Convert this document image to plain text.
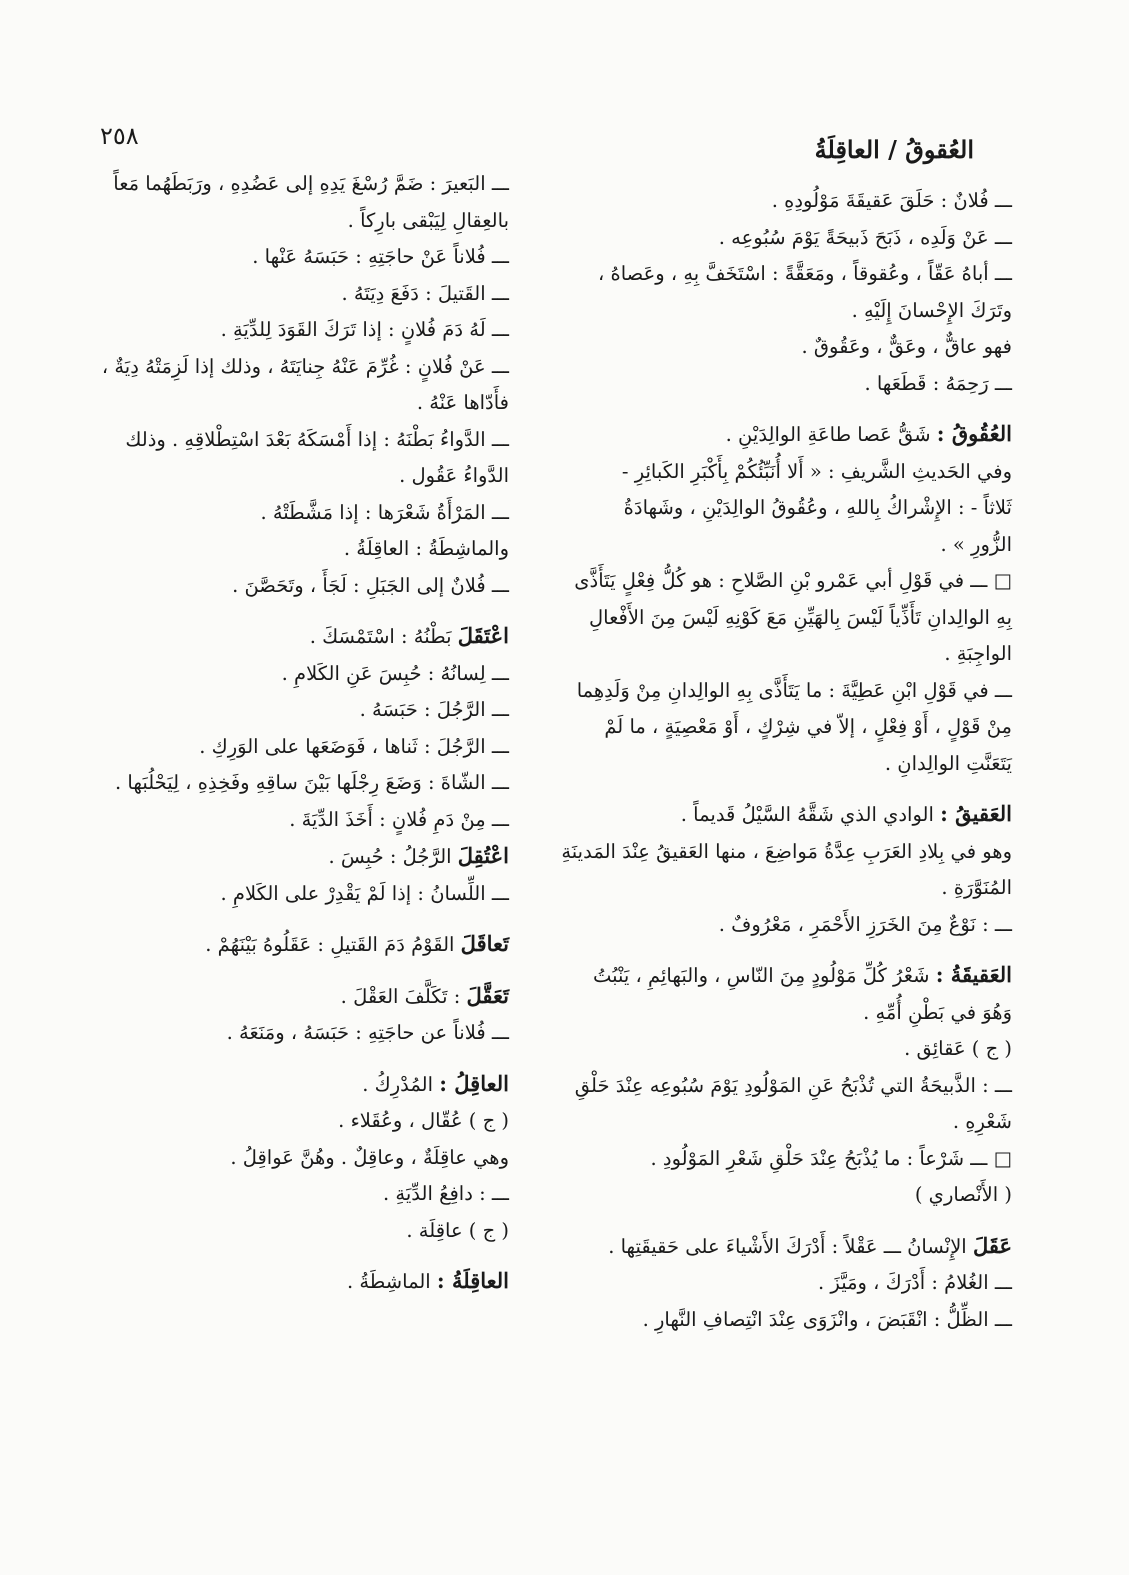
٢٥٨	العُقوقُ / العاقِلَةُ
ـــ فُلانٌ : حَلَقَ عَقيقَةَ مَوْلُودِهِ .
ـــ عَنْ وَلَدِه ، ذَبَحَ ذَبيحَةً يَوْمَ سُبُوعِه .
ـــ أباهُ عَقّاً ، وعُقوقاً ، ومَعَقَّةً : اسْتَخَفَّ بِهِ ، وعَصاهُ ،
وتَرَكَ الإِحْسانَ إِلَيْهِ .
فهو عاقٌّ ، وعَقٌّ ، وعَقُوقٌ .
ـــ رَحِمَهُ : قَطَعَها .
العُقُوقُ : شَقُّ عَصا طاعَةِ الوالِدَيْنِ .
وفي الحَديثِ الشَّريفِ : « أَلا أُنَبِّئُكُمْ بِأَكْبَرِ الكَبائِرِ -
ثَلاثاً - : الإِشْراكُ بِاللهِ ، وعُقُوقُ الوالِدَيْنِ ، وشَهادَةُ
الزُّورِ » .
□ ـــ في قَوْلِ أبي عَمْرو بْنِ الصَّلاحِ : هو كُلُّ فِعْلٍ يَتَأَذَّى
بِهِ الوالِدانِ تَأَذِّياً لَيْسَ بِالهَيِّنِ مَعَ كَوْنِهِ لَيْسَ مِنَ الأَفْعالِ
الواجِبَةِ .
ـــ في قَوْلِ ابْنِ عَطِيَّةَ : ما يَتَأَذَّى بِهِ الوالِدانِ مِنْ وَلَدِهِما
مِنْ قَوْلٍ ، أَوْ فِعْلٍ ، إلاّ في شِرْكٍ ، أَوْ مَعْصِيَةٍ ، ما لَمْ
يَتَعَنَّتِ الوالِدانِ .
العَقيقُ : الوادي الذي شَقَّهُ السَّيْلُ قَديماً .
وهو في بِلادِ العَرَبِ عِدَّةُ مَواضِعَ ، منها العَقيقُ عِنْدَ المَدينَةِ
المُنَوَّرَةِ .
ـــ : نَوْعٌ مِنَ الخَرَزِ الأَحْمَرِ ، مَعْرُوفٌ .
العَقيقَةُ : شَعْرُ كُلِّ مَوْلُودٍ مِنَ النّاسِ ، والبَهائِمِ ، يَنْبُتُ
وَهُوَ في بَطْنِ أُمِّهِ .
( ج ) عَقائِق .
ـــ : الذَّبيحَةُ التي تُذْبَحُ عَنِ المَوْلُودِ يَوْمَ سُبُوعِه عِنْدَ حَلْقِ
شَعْرِهِ .
□ ـــ شَرْعاً : ما يُذْبَحُ عِنْدَ حَلْقِ شَعْرِ المَوْلُودِ .
( الأَنْصاري )
عَقَلَ الإِنْسانُ ـــ عَقْلاً : أَدْرَكَ الأَشْياءَ على حَقيقَتِها .
ـــ الغُلامُ : أَدْرَكَ ، ومَيَّزَ .
ـــ الظِّلُّ : انْقَبَضَ ، وانْزَوَى عِنْدَ انْتِصافِ النَّهارِ .
ـــ البَعيرَ : ضَمَّ رُسْغَ يَدِهِ إلى عَضُدِهِ ، ورَبَطَهُما مَعاً
بالعِقالِ لِيَبْقى بارِكاً .
ـــ فُلاناً عَنْ حاجَتِهِ : حَبَسَهُ عَنْها .
ـــ القَتيلَ : دَفَعَ دِيَتَهُ .
ـــ لَهُ دَمَ فُلانٍ : إذا تَرَكَ القَوَدَ لِلدِّيَةِ .
ـــ عَنْ فُلانٍ : غُرِّمَ عَنْهُ جِنايَتَهُ ، وذلك إذا لَزِمَتْهُ دِيَةٌ ،
فأَدّاها عَنْهُ .
ـــ الدَّواءُ بَطْنَهُ : إذا أَمْسَكَهُ بَعْدَ اسْتِطْلاقِهِ . وذلك
الدَّواءُ عَقُول .
ـــ المَرْأَةُ شَعْرَها : إذا مَشَّطَتْهُ .
والماشِطَةُ : العاقِلَةُ .
ـــ فُلانٌ إلى الجَبَلِ : لَجَأَ ، وتَحَصَّنَ .
اعْتَقَلَ بَطْنُهُ : اسْتَمْسَكَ .
ـــ لِسانُهُ : حُبِسَ عَنِ الكَلامِ .
ـــ الرَّجُلَ : حَبَسَهُ .
ـــ الرَّجُلَ : ثَناها ، فَوَضَعَها على الوَرِكِ .
ـــ الشّاةَ : وَضَعَ رِجْلَها بَيْنَ ساقِهِ وفَخِذِهِ ، لِيَحْلُبَها .
ـــ مِنْ دَمِ فُلانٍ : أَخَذَ الدِّيَةَ .
اعْتُقِلَ الرَّجُلُ : حُبِسَ .
ـــ اللِّسانُ : إذا لَمْ يَقْدِرْ على الكَلامِ .
تَعاقَلَ القَوْمُ دَمَ القَتيلِ : عَقَلُوهُ بَيْنَهُمْ .
تَعَقَّلَ : تَكَلَّفَ العَقْلَ .
ـــ فُلاناً عن حاجَتِهِ : حَبَسَهُ ، ومَنَعَهُ .
العاقِلُ : المُدْرِكُ .
( ج ) عُقّال ، وعُقَلاء .
وهي عاقِلَةٌ ، وعاقِلٌ . وهُنَّ عَواقِلُ .
ـــ : دافِعُ الدِّيَةِ .
( ج ) عاقِلَة .
العاقِلَةُ : الماشِطَةُ .
